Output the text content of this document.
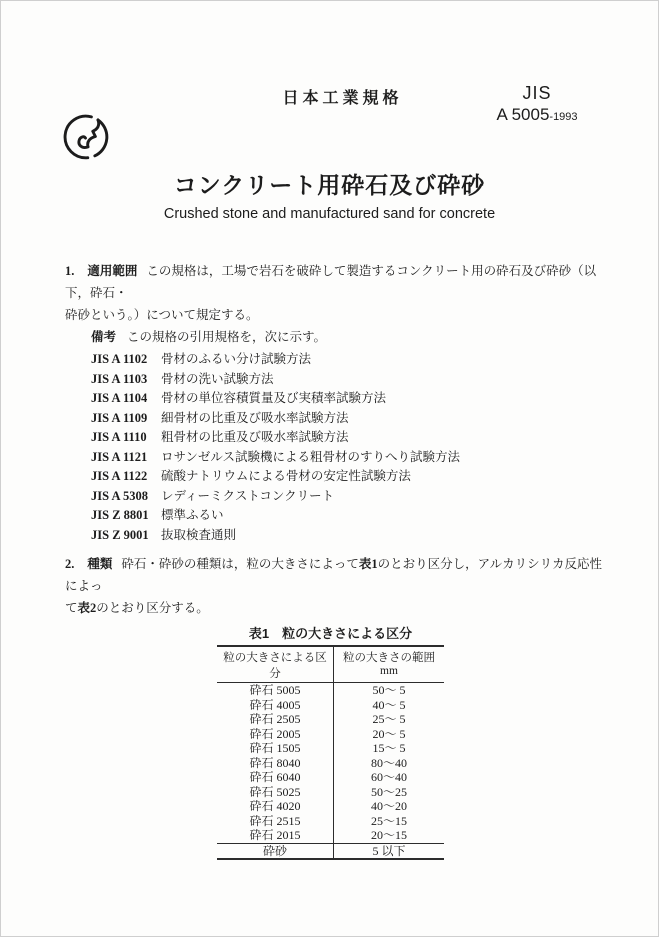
日本工業規格	JIS
A 5005-1993
コンクリート用砕石及び砕砂
Crushed stone and manufactured sand for concrete

1. 適用範囲 この規格は，工場で岩石を破砕して製造するコンクリート用の砕石及び砕砂（以下，砕石・
砕砂という。）について規定する。

備考 この規格の引用規格を，次に示す。

JIS A 1102 骨材のふるい分け試験方法
JIS A 1103 骨材の洗い試験方法
JIS A 1104 骨材の単位容積質量及び実積率試験方法
JIS A 1109 細骨材の比重及び吸水率試験方法
JIS A 1110 粗骨材の比重及び吸水率試験方法
JIS A 1121 ロサンゼルス試験機による粗骨材のすりへり試験方法
JIS A 1122 硫酸ナトリウムによる骨材の安定性試験方法
JIS A 5308 レディーミクストコンクリート
JIS Z 8801 標準ふるい
JIS Z 9001 抜取検査通則

2. 種類 砕石・砕砂の種類は，粒の大きさによって表1のとおり区分し，アルカリシリカ反応性によっ
て表2のとおり区分する。

表1　粒の大きさによる区分
粒の大きさによる区分	粒の大きさの範囲
mm

砕石 5005	50～ 5
砕石 4005	40～ 5
砕石 2505	25～ 5
砕石 2005	20～ 5
砕石 1505	15～ 5
砕石 8040	80～40
砕石 6040	60～40
砕石 5025	50～25
砕石 4020	40～20
砕石 2515	25～15
砕石 2015	20～15
砕砂	5 以下
